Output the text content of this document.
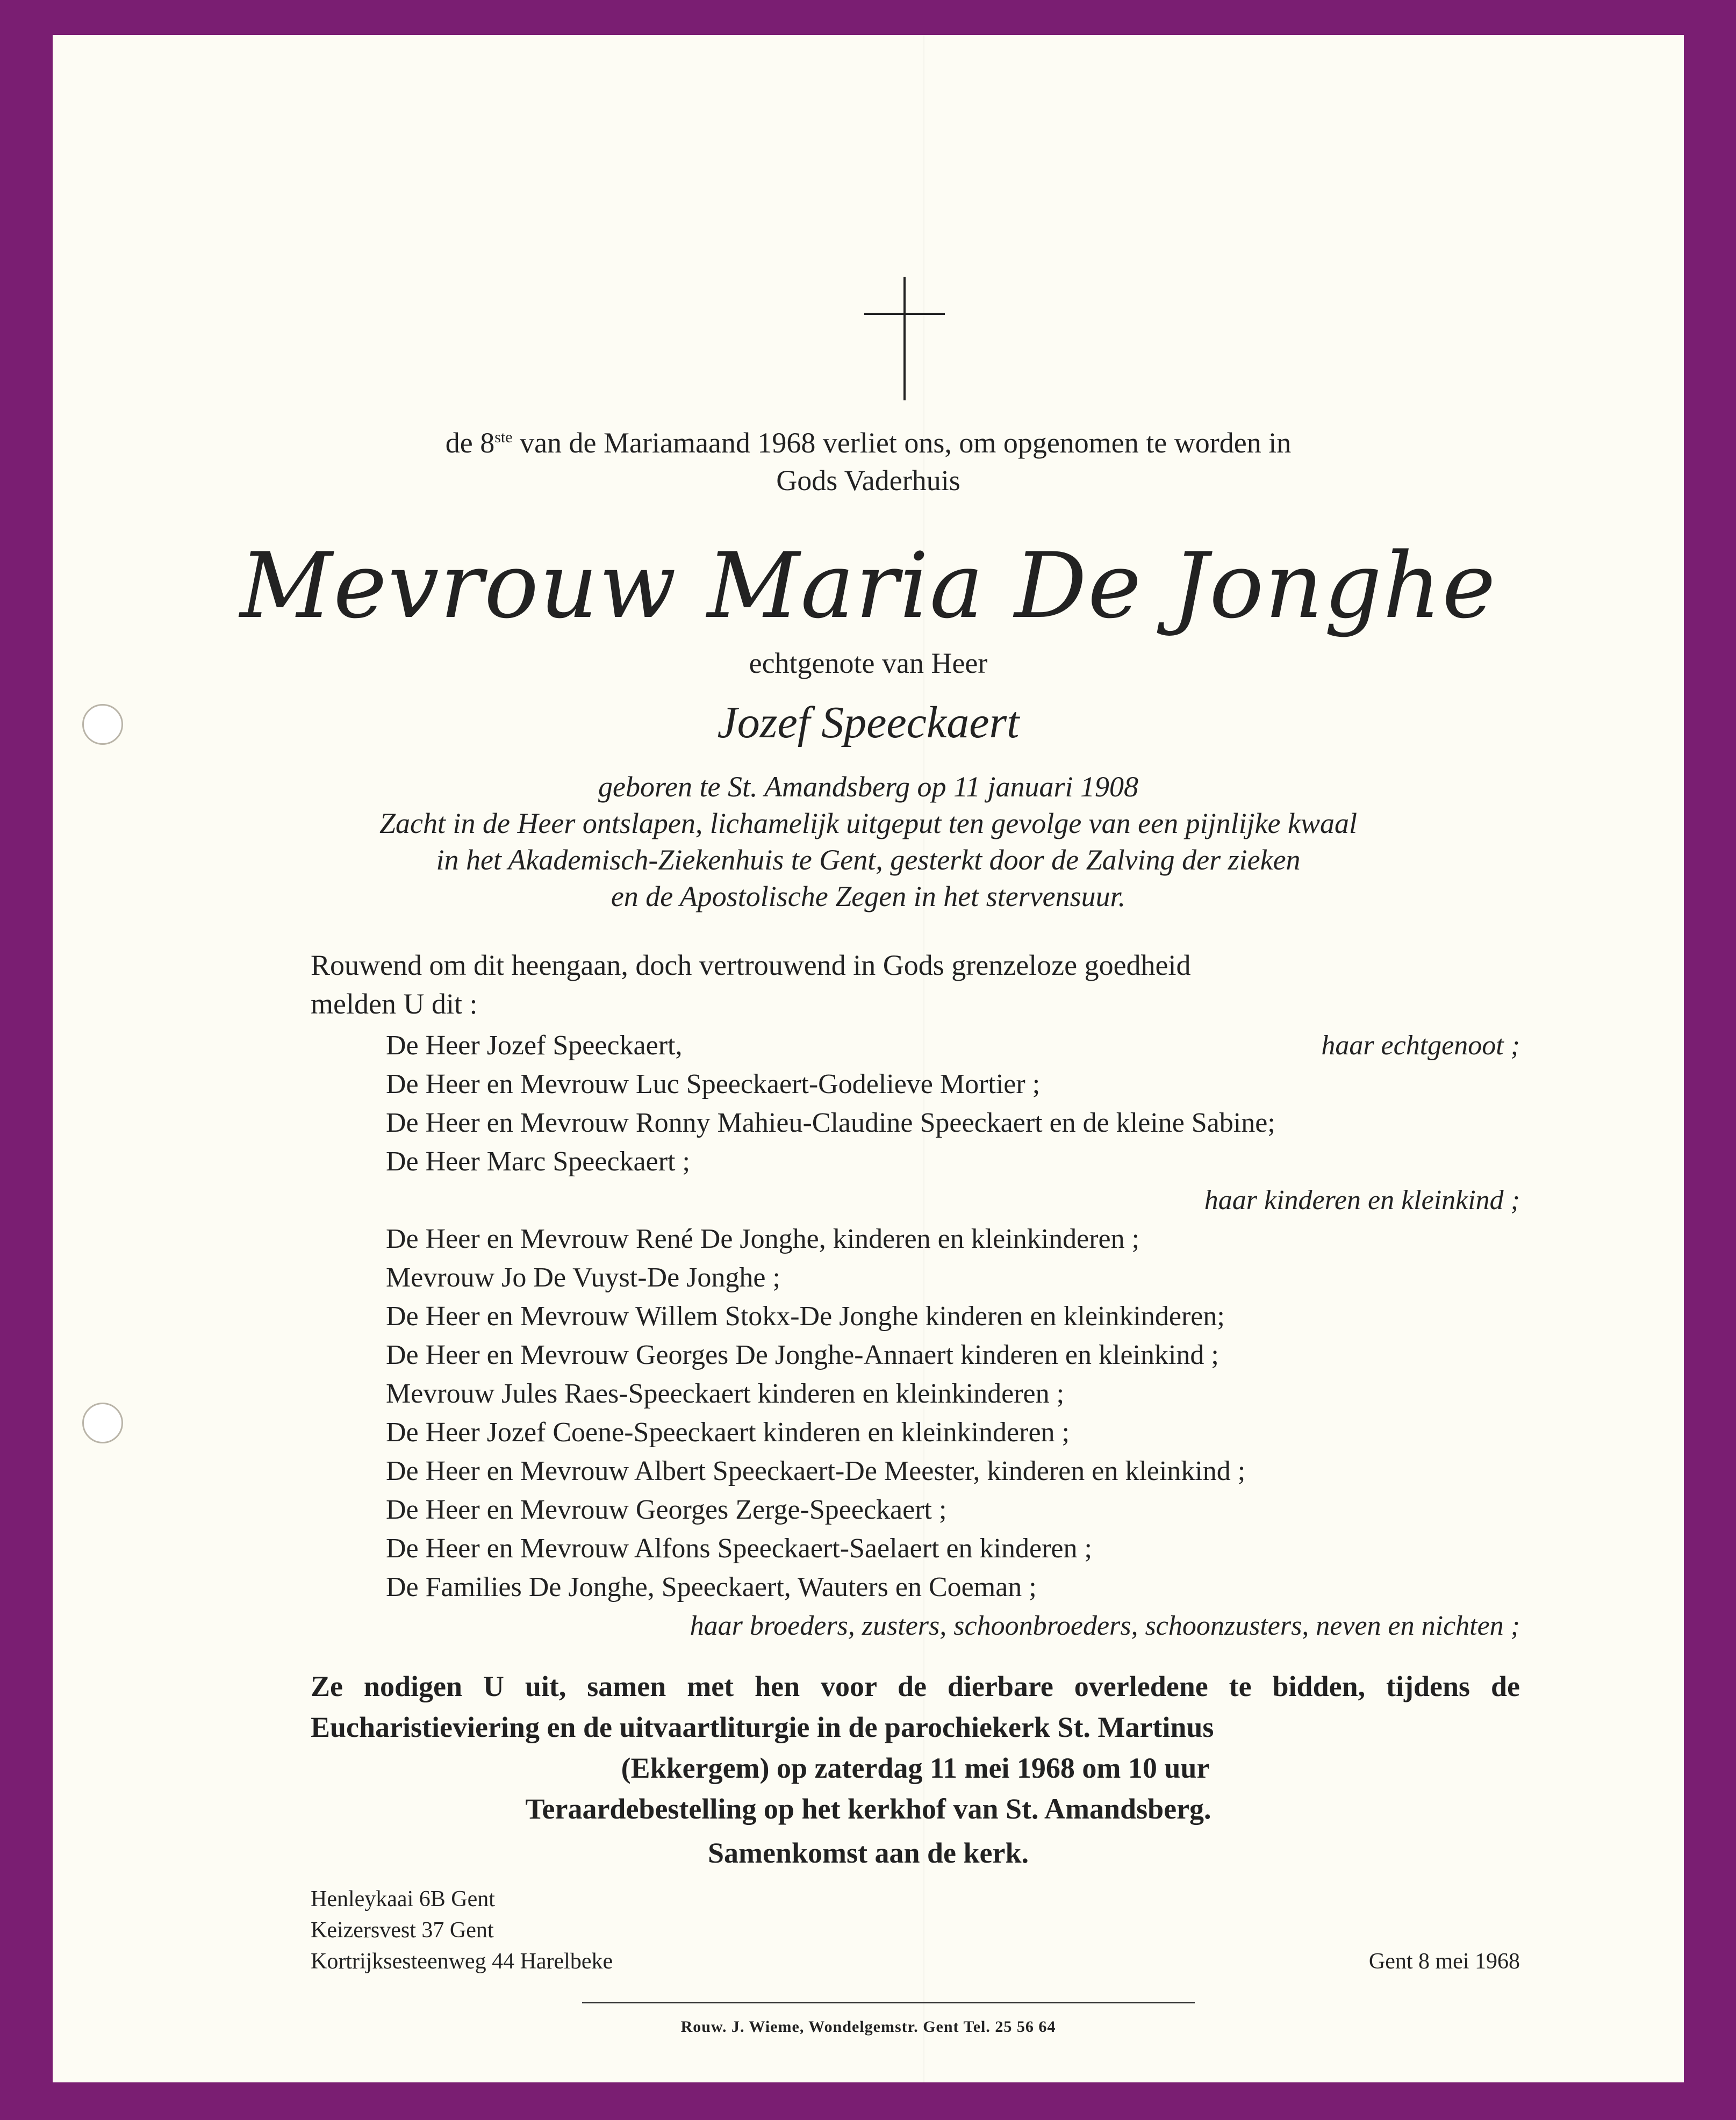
de 8ste van de Mariamaand 1968 verliet ons, om opgenomen te worden in
Gods Vaderhuis
Mevrouw Maria De Jonghe
echtgenote van Heer
Jozef Speeckaert
geboren te St. Amandsberg op 11 januari 1908
Zacht in de Heer ontslapen, lichamelijk uitgeput ten gevolge van een pijnlijke kwaal
in het Akademisch-Ziekenhuis te Gent, gesterkt door de Zalving der zieken
en de Apostolische Zegen in het stervensuur.
Rouwend om dit heengaan, doch vertrouwend in Gods grenzeloze goedheid
melden U dit :
De Heer Jozef Speeckaert,	haar echtgenoot ;
De Heer en Mevrouw Luc Speeckaert-Godelieve Mortier ;
De Heer en Mevrouw Ronny Mahieu-Claudine Speeckaert en de kleine Sabine;
De Heer Marc Speeckaert ;
haar kinderen en kleinkind ;
De Heer en Mevrouw René De Jonghe, kinderen en kleinkinderen ;
Mevrouw Jo De Vuyst-De Jonghe ;
De Heer en Mevrouw Willem Stokx-De Jonghe kinderen en kleinkinderen;
De Heer en Mevrouw Georges De Jonghe-Annaert kinderen en kleinkind ;
Mevrouw Jules Raes-Speeckaert kinderen en kleinkinderen ;
De Heer Jozef Coene-Speeckaert kinderen en kleinkinderen ;
De Heer en Mevrouw Albert Speeckaert-De Meester, kinderen en kleinkind ;
De Heer en Mevrouw Georges Zerge-Speeckaert ;
De Heer en Mevrouw Alfons Speeckaert-Saelaert en kinderen ;
De Families De Jonghe, Speeckaert, Wauters en Coeman ;
haar broeders, zusters, schoonbroeders, schoonzusters, neven en nichten ;
Ze nodigen U uit, samen met hen voor de dierbare overledene te bidden, tijdens de Eucharistieviering en de uitvaartliturgie in de parochiekerk St. Martinus
(Ekkergem) op zaterdag 11 mei 1968 om 10 uur
Teraardebestelling op het kerkhof van St. Amandsberg.
Samenkomst aan de kerk.
Henleykaai 6B Gent
Keizersvest 37 Gent
Kortrijksesteenweg 44 Harelbeke	Gent 8 mei 1968
Rouw. J. Wieme, Wondelgemstr. Gent Tel. 25 56 64
